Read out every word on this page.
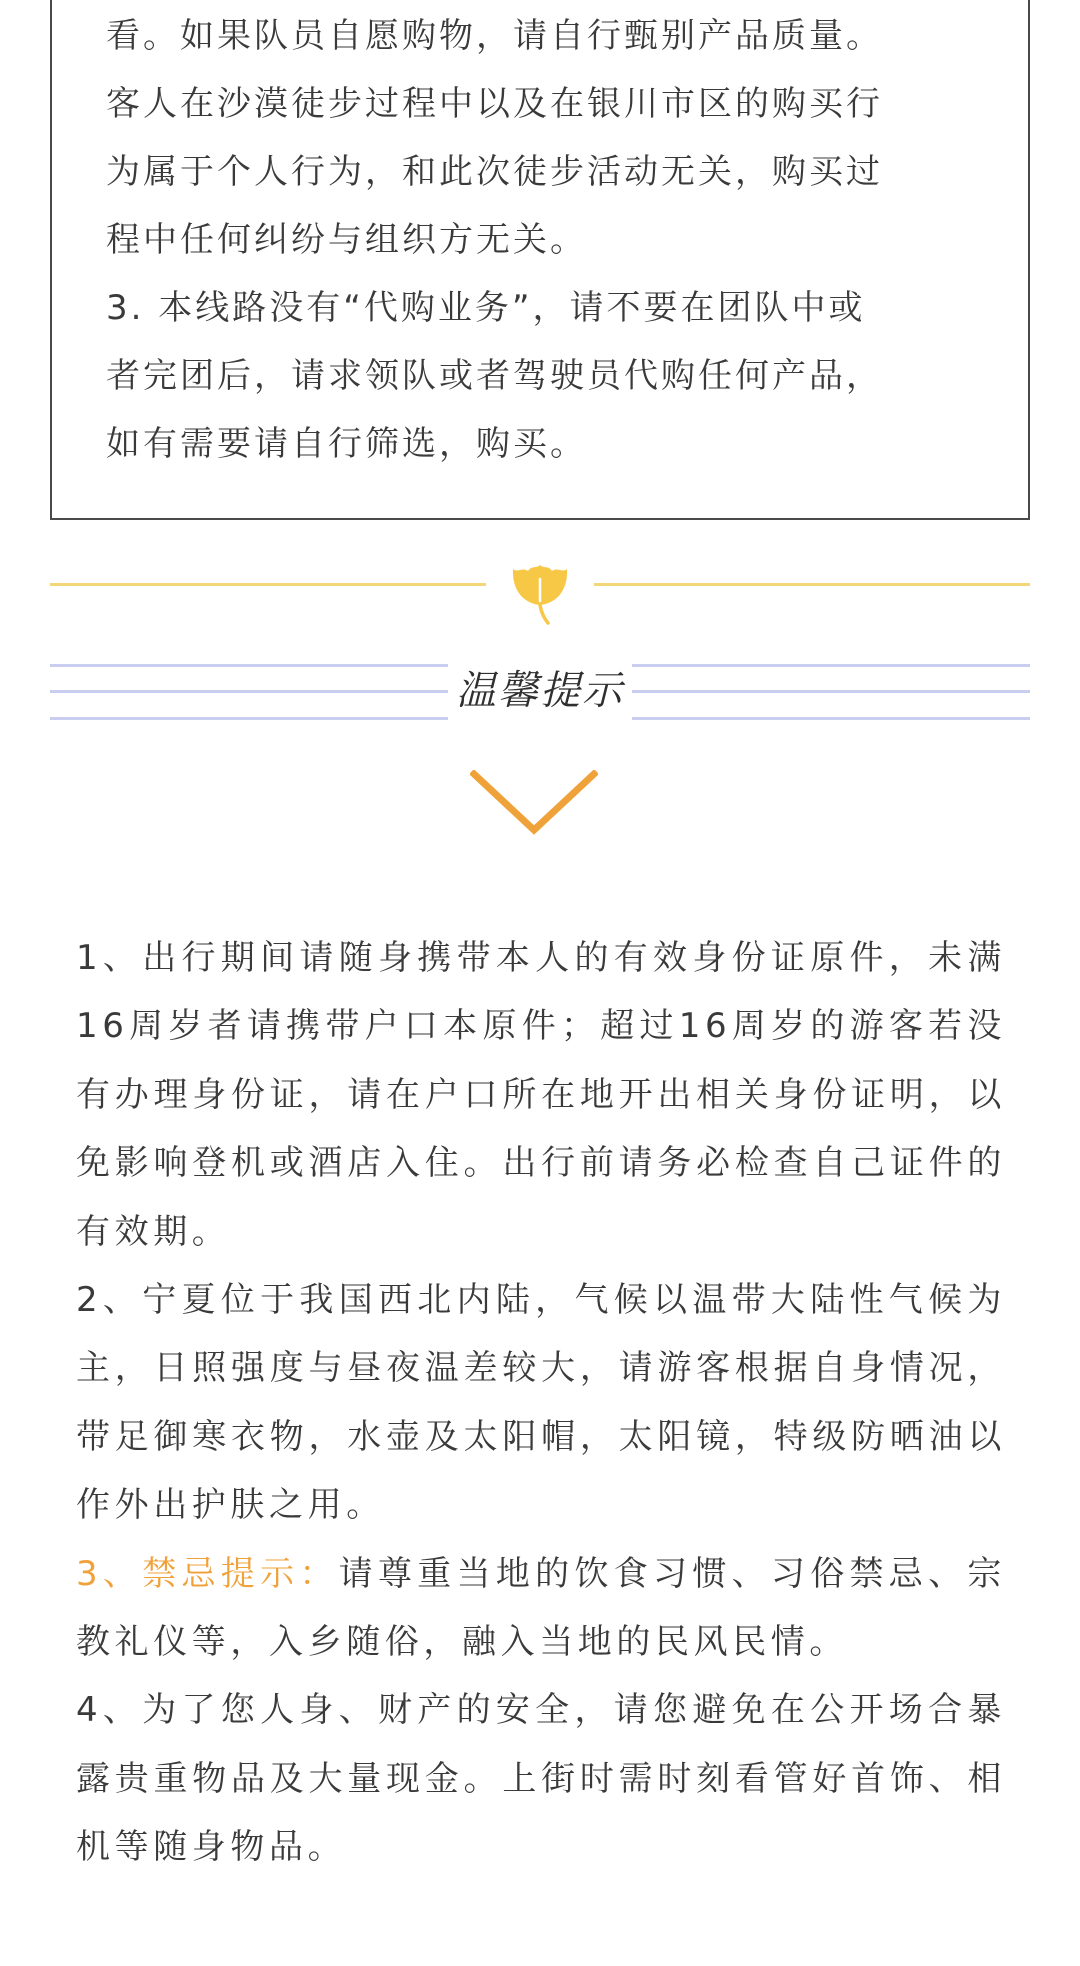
看。如果队员自愿购物，请自行甄别产品质量。

客人在沙漠徒步过程中以及在银川市区的购买行

为属于个人行为，和此次徒步活动无关，购买过

程中任何纠纷与组织方无关。

3. 本线路没有“代购业务”，请不要在团队中或

者完团后，请求领队或者驾驶员代购任何产品，

如有需要请自行筛选，购买。

温馨提示

1、出行期间请随身携带本人的有效身份证原件，未满16周岁者请携带户口本原件；超过16周岁的游客若没有办理身份证，请在户口所在地开出相关身份证明，以免影响登机或酒店入住。出行前请务必检查自己证件的有效期。

2、宁夏位于我国西北内陆，气候以温带大陆性气候为主，日照强度与昼夜温差较大，请游客根据自身情况，带足御寒衣物，水壶及太阳帽，太阳镜，特级防晒油以作外出护肤之用。

3、禁忌提示：请尊重当地的饮食习惯、习俗禁忌、宗教礼仪等，入乡随俗，融入当地的民风民情。

4、为了您人身、财产的安全，请您避免在公开场合暴露贵重物品及大量现金。上街时需时刻看管好首饰、相机等随身物品。
